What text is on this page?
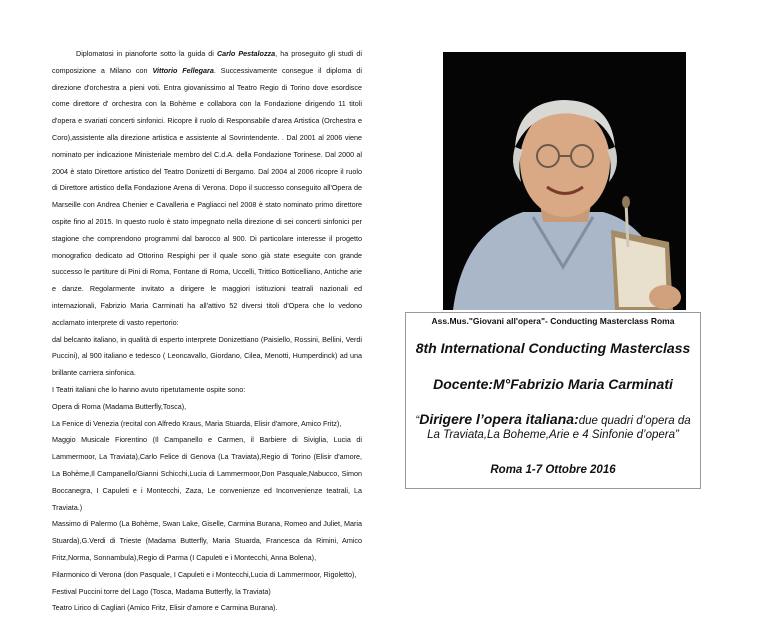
Diplomatosi in pianoforte sotto la guida di Carlo Pestalozza, ha proseguito gli studi di composizione a Milano con Vittorio Fellegara. Successivamente consegue il diploma di direzione d'orchestra a pieni voti. Entra giovanissimo al Teatro Regio di Torino dove esordisce come direttore d' orchestra con la Bohème e collabora con la Fondazione dirigendo 11 titoli d'opera e svariati concerti sinfonici. Ricopre il ruolo di Responsabile d'area Artistica (Orchestra e Coro),assistente alla direzione artistica e assistente al Sovrintendente. . Dal 2001 al 2006 viene nominato per indicazione Ministeriale membro del C.d.A. della Fondazione Torinese. Dal 2000 al 2004 è stato Direttore artistico del Teatro Donizetti di Bergamo. Dal 2004 al 2006 ricopre il ruolo di Direttore artistico della Fondazione Arena di Verona. Dopo il successo conseguito all'Opera de Marseille con Andrea Chenier e Cavalleria e Pagliacci nel 2008 è stato nominato primo direttore ospite fino al 2015. In questo ruolo è stato impegnato nella direzione di sei concerti sinfonici per stagione che comprendono programmi dal barocco al 900. Di particolare interesse il progetto monografico dedicato ad Ottorino Respighi per il quale sono già state eseguite con grande successo le partiture di Pini di Roma, Fontane di Roma, Uccelli, Trittico Botticelliano, Antiche arie e danze. Regolarmente invitato a dirigere le maggiori istituzioni teatrali nazionali ed internazionali, Fabrizio Maria Carminati ha all'attivo 52 diversi titoli d'Opera che lo vedono acclamato interprete di vasto repertorio:

dal belcanto italiano, in qualità di esperto interprete Donizettiano (Paisiello, Rossini, Bellini, Verdi Puccini), al 900 italiano e tedesco ( Leoncavallo, Giordano, Cilea, Menotti, Humperdinck) ad una brillante carriera sinfonica.

I Teatri italiani che lo hanno avuto ripetutamente ospite sono:

Opera di Roma (Madama Butterfly,Tosca),

La Fenice di Venezia (recital con Alfredo Kraus, Maria Stuarda, Elisir d'amore, Amico Fritz),

Maggio Musicale Fiorentino (Il Campanello e Carmen, il Barbiere di Siviglia, Lucia di Lammermoor, La Traviata),Carlo Felice di Genova (La Traviata),Regio di Torino (Elisir d'amore, La Bohème,Il Campanello/Gianni Schicchi,Lucia di Lammermoor,Don Pasquale,Nabucco, Simon Boccanegra, I Capuleti e i Montecchi, Zaza, Le convenienze ed Inconvenienze teatrali, La Traviata.)

Massimo di Palermo (La Bohème, Swan Lake, Giselle, Carmina Burana, Romeo and Juliet, Maria Stuarda),G.Verdi di Trieste (Madama Butterfly, Maria Stuarda, Francesca da Rimini, Amico Fritz,Norma, Sonnambula),Regio di Parma (I Capuleti e i Montecchi, Anna Bolena),

Filarmonico di Verona (don Pasquale, I Capuleti e i Montecchi,Lucia di Lammermoor, Rigoletto),

Festival Puccini torre del Lago (Tosca, Madama Butterfly, la Traviata)

Teatro Lirico di Cagliari (Amico Fritz, Elisir d'amore e Carmina Burana).

Ass.Mus."Giovani all'opera"- Conducting Masterclass Roma
8th International Conducting Masterclass
Docente:M°Fabrizio Maria Carminati
“Dirigere l’opera italiana:due quadri d’opera da La Traviata,La Boheme,Arie e 4 Sinfonie d’opera”
Roma 1-7 Ottobre 2016
